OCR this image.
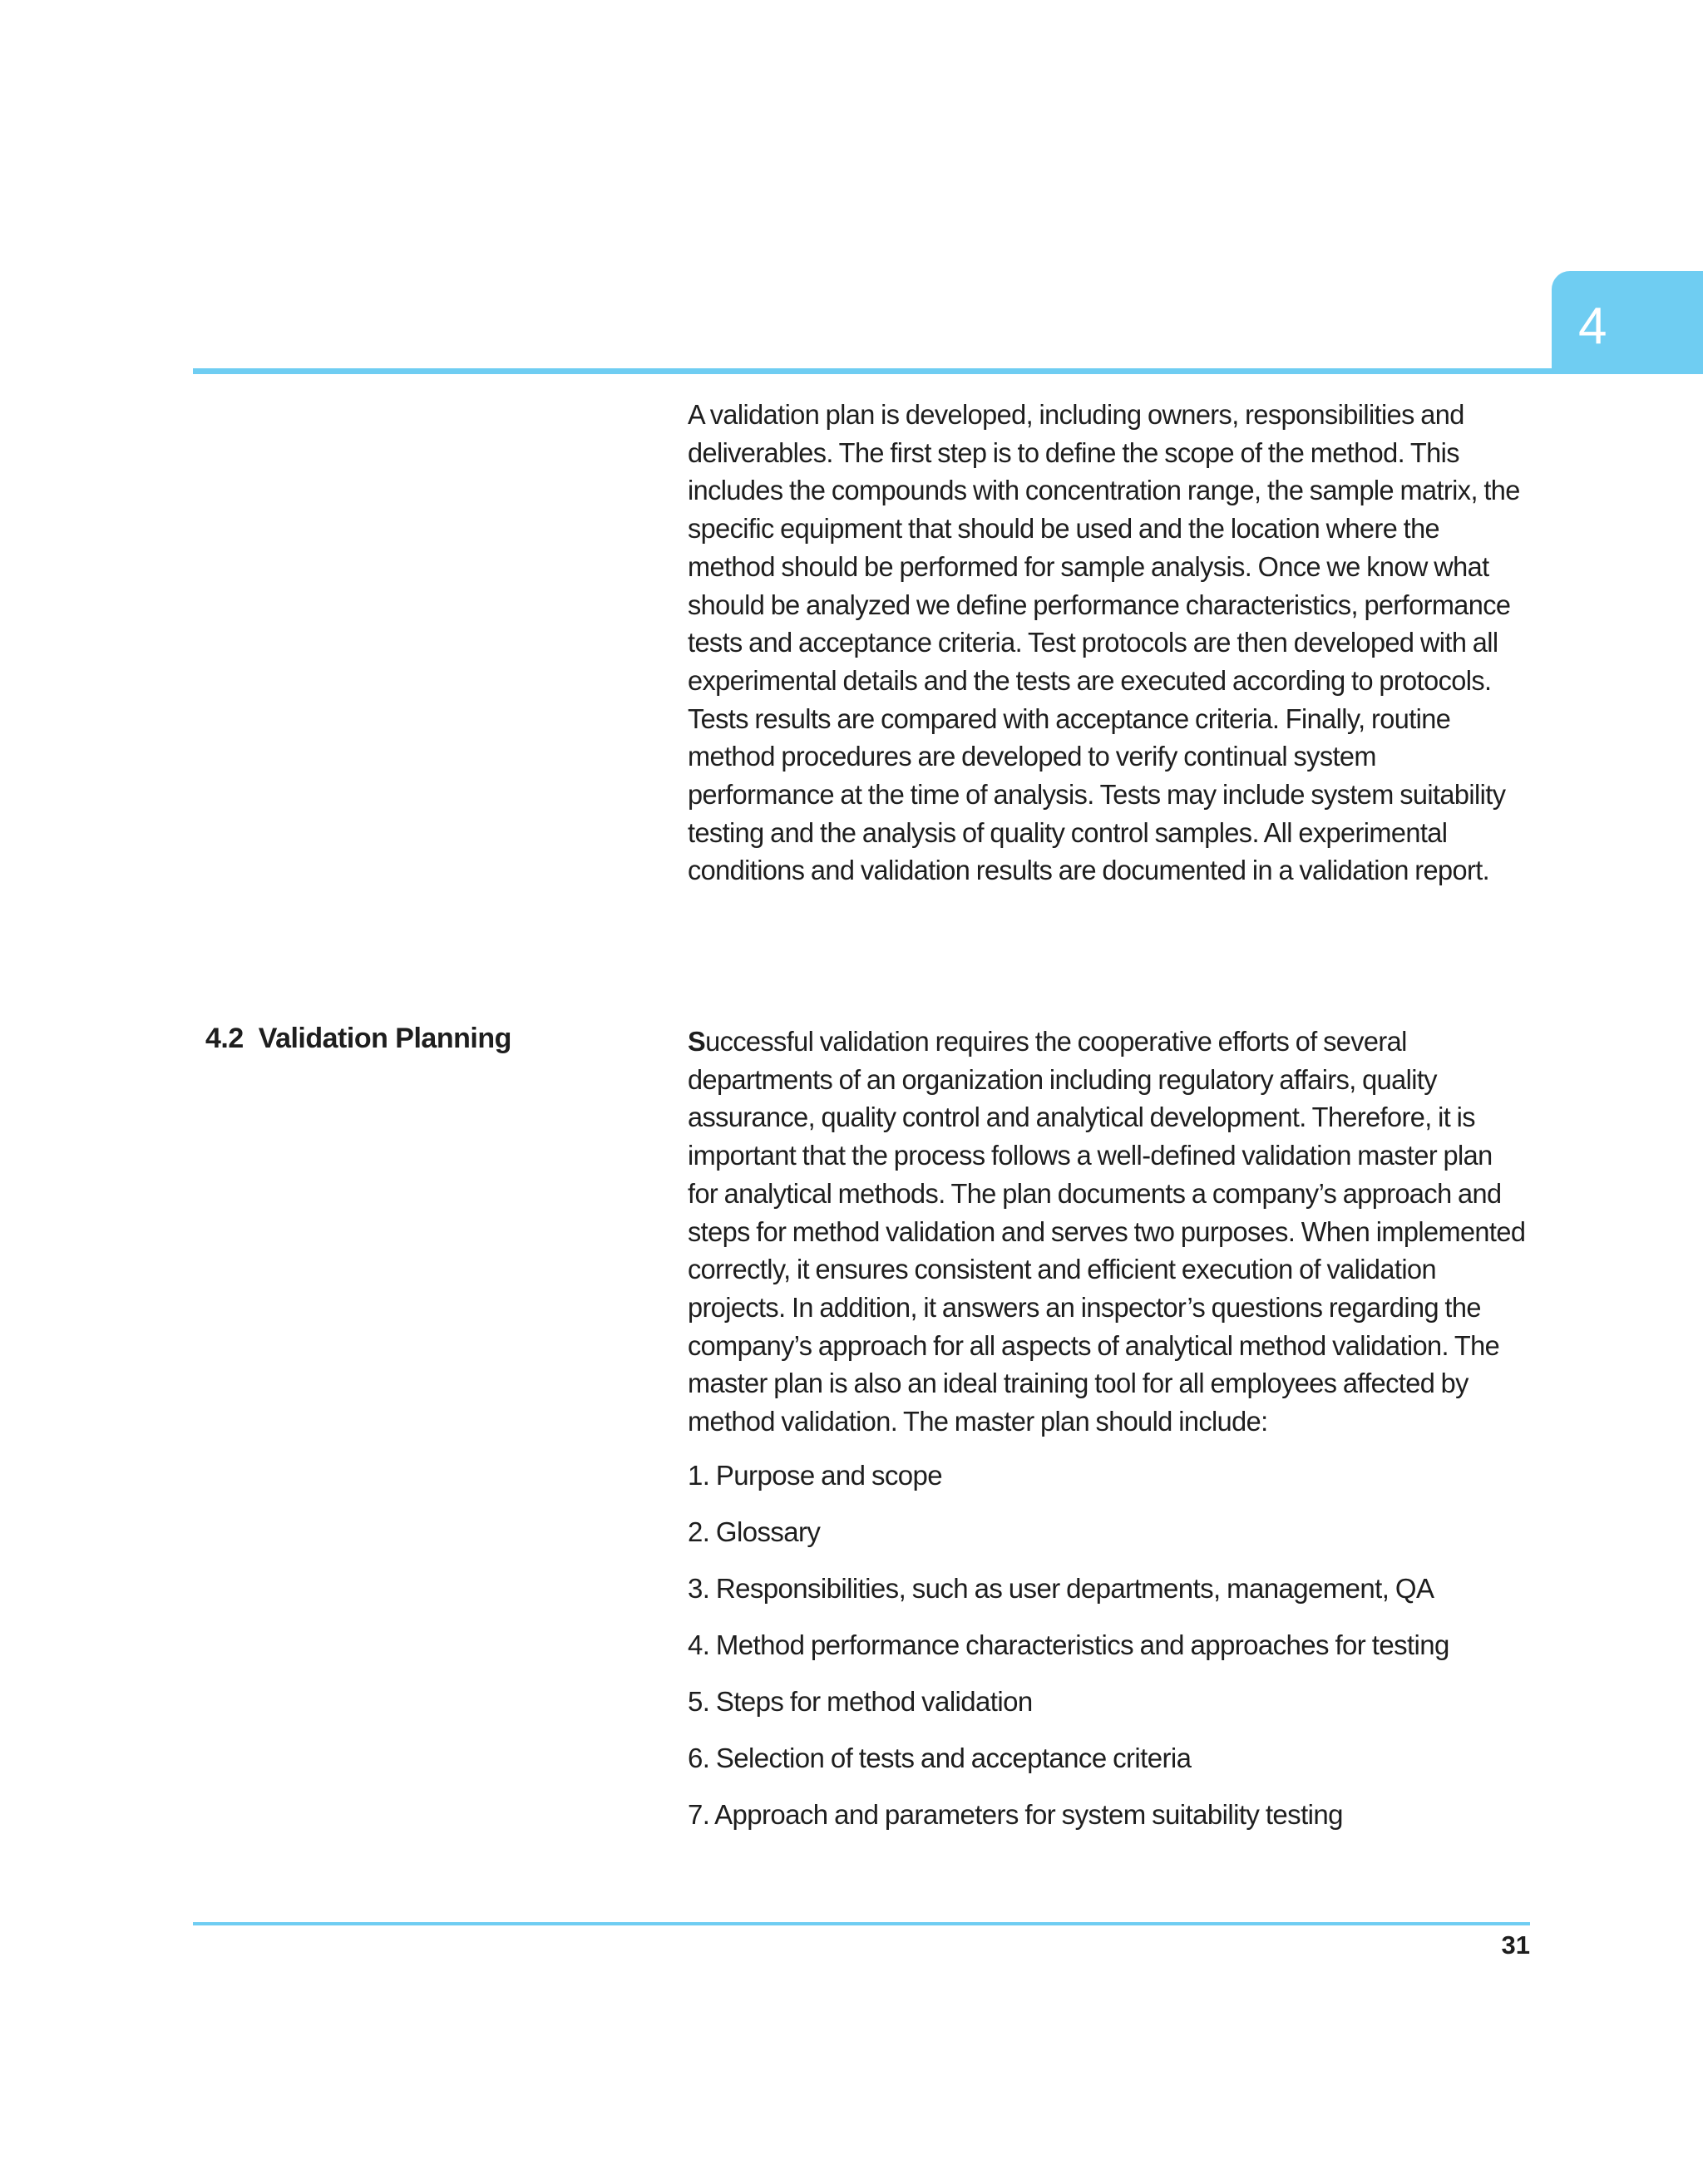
4
A validation plan is developed, including owners, responsibilities and deliverables. The first step is to define the scope of the method. This includes the compounds with concentration range, the sample matrix, the specific equipment that should be used and the location where the method should be performed for sample analysis. Once we know what should be analyzed we define performance characteristics, performance tests and acceptance criteria. Test protocols are then developed with all experimental details and the tests are executed according to protocols. Tests results are compared with acceptance criteria. Finally, routine method procedures are developed to verify continual system performance at the time of analysis. Tests may include system suitability testing and the analysis of quality control samples. All experimental conditions and validation results are documented in a validation report.
4.2 Validation Planning	Successful validation requires the cooperative efforts of several departments of an organization including regulatory affairs, quality assurance, quality control and analytical development. Therefore, it is important that the process follows a well-defined validation master plan for analytical methods. The plan documents a company’s approach and steps for method validation and serves two purposes. When implemented correctly, it ensures consistent and efficient execution of validation projects. In addition, it answers an inspector’s questions regarding the company’s approach for all aspects of analytical method validation. The master plan is also an ideal training tool for all employees affected by method validation. The master plan should include:
1. Purpose and scope
2. Glossary
3. Responsibilities, such as user departments, management, QA
4. Method performance characteristics and approaches for testing
5. Steps for method validation
6. Selection of tests and acceptance criteria
7. Approach and parameters for system suitability testing
31
